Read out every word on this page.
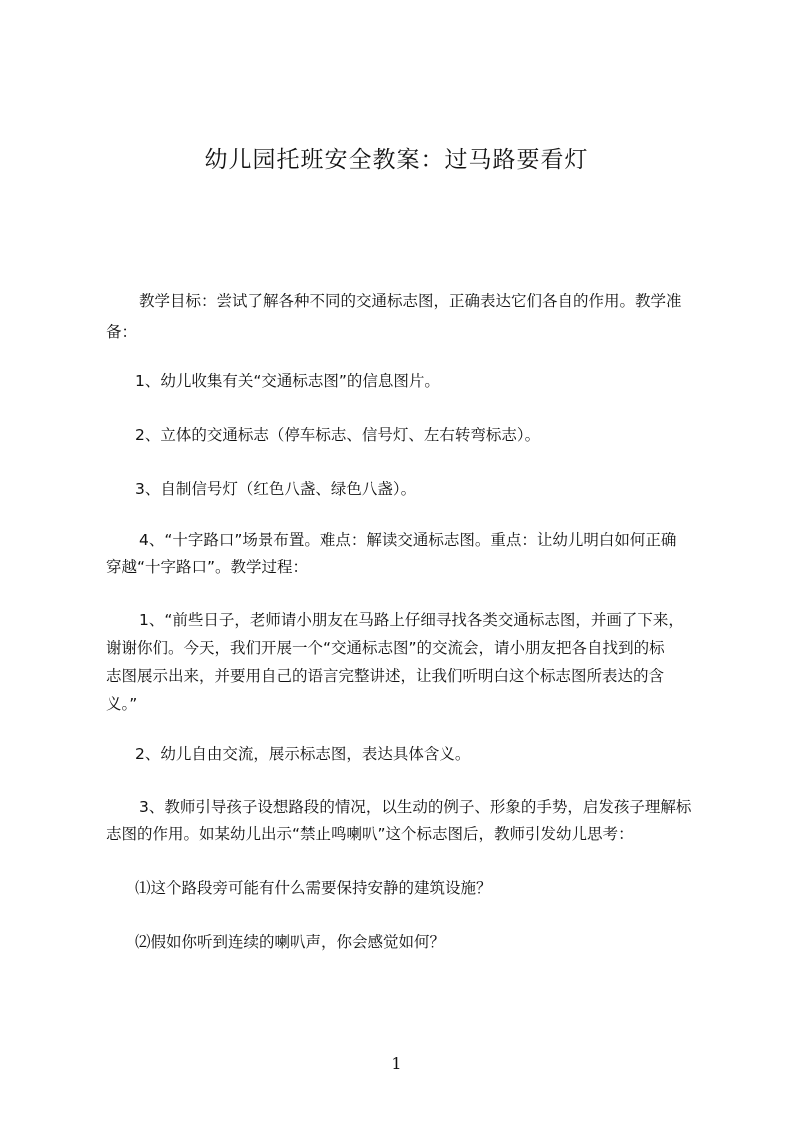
幼儿园托班安全教案：过马路要看灯

教学目标：尝试了解各种不同的交通标志图，正确表达它们各自的作用。教学准
备：

1、幼儿收集有关“交通标志图”的信息图片。

2、立体的交通标志（停车标志、信号灯、左右转弯标志）。

3、自制信号灯（红色八盏、绿色八盏）。

4、“十字路口”场景布置。难点：解读交通标志图。重点：让幼儿明白如何正确
穿越“十字路口”。教学过程：

1、“前些日子，老师请小朋友在马路上仔细寻找各类交通标志图，并画了下来，
谢谢你们。今天，我们开展一个“交通标志图”的交流会，请小朋友把各自找到的标
志图展示出来，并要用自己的语言完整讲述，让我们听明白这个标志图所表达的含
义。”

2、幼儿自由交流，展示标志图，表达具体含义。

3、教师引导孩子设想路段的情况，以生动的例子、形象的手势，启发孩子理解标
志图的作用。如某幼儿出示“禁止鸣喇叭”这个标志图后，教师引发幼儿思考：

⑴这个路段旁可能有什么需要保持安静的建筑设施？

⑵假如你听到连续的喇叭声，你会感觉如何？

1
